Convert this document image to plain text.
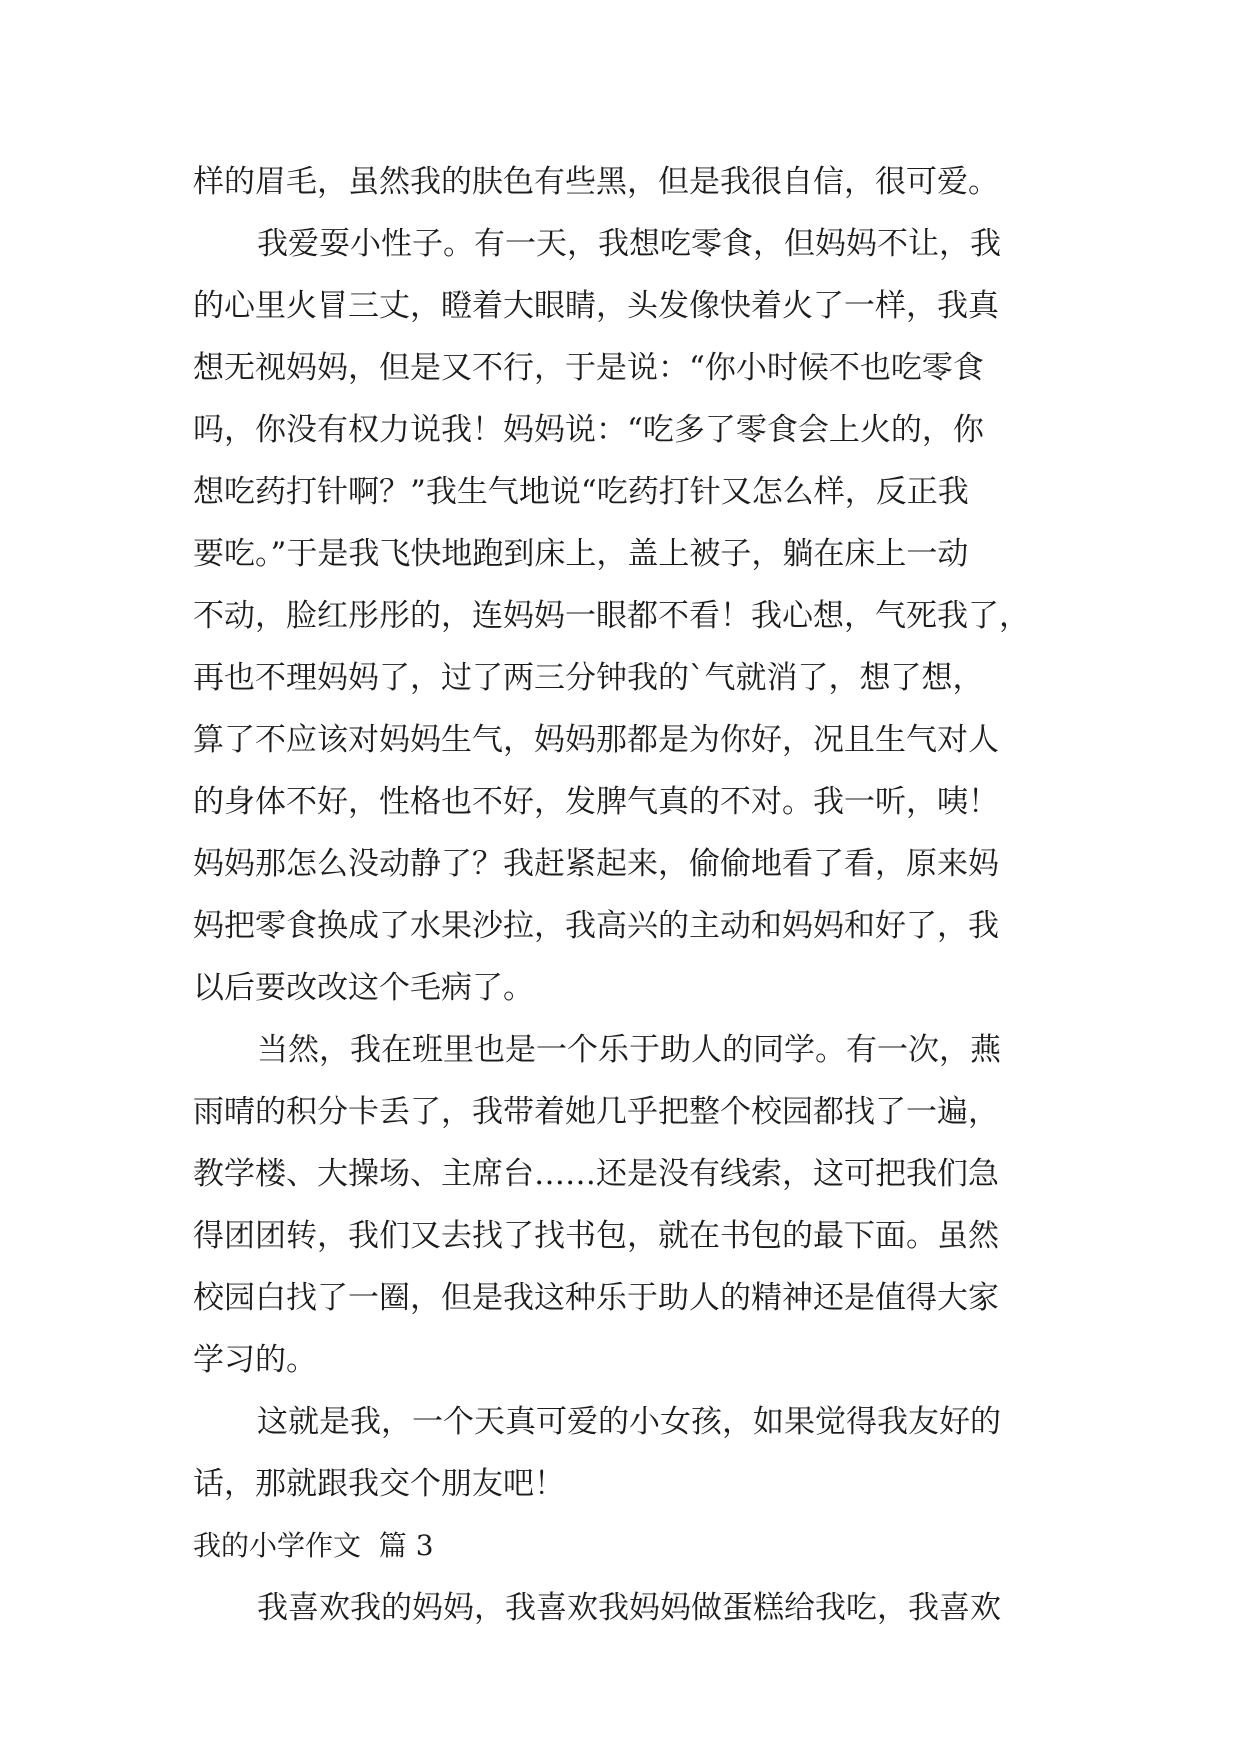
样的眉毛，虽然我的肤色有些黑，但是我很自信，很可爱。
我爱耍小性子。有一天，我想吃零食，但妈妈不让，我
的心里火冒三丈，瞪着大眼睛，头发像快着火了一样，我真
想无视妈妈，但是又不行，于是说：“你小时候不也吃零食
吗，你没有权力说我！妈妈说：“吃多了零食会上火的，你
想吃药打针啊？”我生气地说“吃药打针又怎么样，反正我
要吃。”于是我飞快地跑到床上，盖上被子，躺在床上一动
不动，脸红彤彤的，连妈妈一眼都不看！我心想，气死我了，
再也不理妈妈了，过了两三分钟我的`气就消了，想了想，
算了不应该对妈妈生气，妈妈那都是为你好，况且生气对人
的身体不好，性格也不好，发脾气真的不对。我一听，咦！
妈妈那怎么没动静了？我赶紧起来，偷偷地看了看，原来妈
妈把零食换成了水果沙拉，我高兴的主动和妈妈和好了，我
以后要改改这个毛病了。
当然，我在班里也是一个乐于助人的同学。有一次，燕
雨晴的积分卡丢了，我带着她几乎把整个校园都找了一遍，
教学楼、大操场、主席台……还是没有线索，这可把我们急
得团团转，我们又去找了找书包，就在书包的最下面。虽然
校园白找了一圈，但是我这种乐于助人的精神还是值得大家
学习的。
这就是我，一个天真可爱的小女孩，如果觉得我友好的
话，那就跟我交个朋友吧！
我的小学作文  篇 3
我喜欢我的妈妈，我喜欢我妈妈做蛋糕给我吃，我喜欢
